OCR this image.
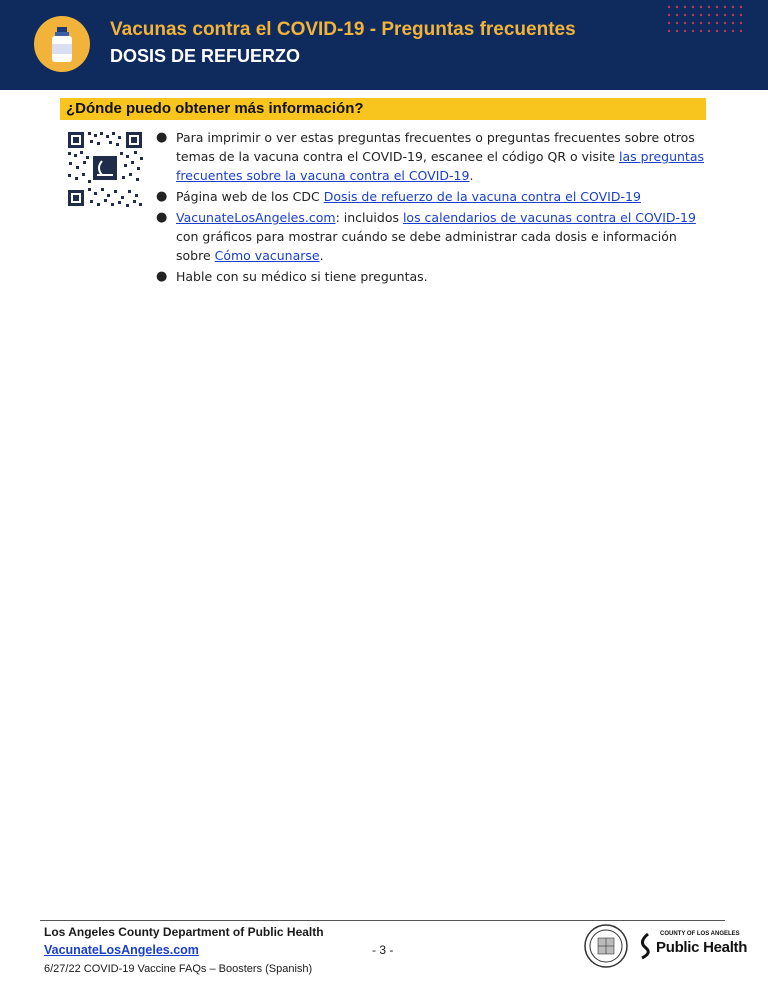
Vacunas contra el COVID-19 - Preguntas frecuentes
DOSIS DE REFUERZO
¿Dónde puedo obtener más información?
● Para imprimir o ver estas preguntas frecuentes o preguntas frecuentes sobre otros temas de la vacuna contra el COVID-19, escanee el código QR o visite las preguntas frecuentes sobre la vacuna contra el COVID-19.
● Página web de los CDC Dosis de refuerzo de la vacuna contra el COVID-19
● VacunateLosAngeles.com: incluidos los calendarios de vacunas contra el COVID-19 con gráficos para mostrar cuándo se debe administrar cada dosis e información sobre Cómo vacunarse.
● Hable con su médico si tiene preguntas.
Los Angeles County Department of Public Health
VacunateLosAngeles.com
6/27/22 COVID-19 Vaccine FAQs – Boosters (Spanish)
- 3 -
COUNTY OF LOS ANGELES
Public Health
